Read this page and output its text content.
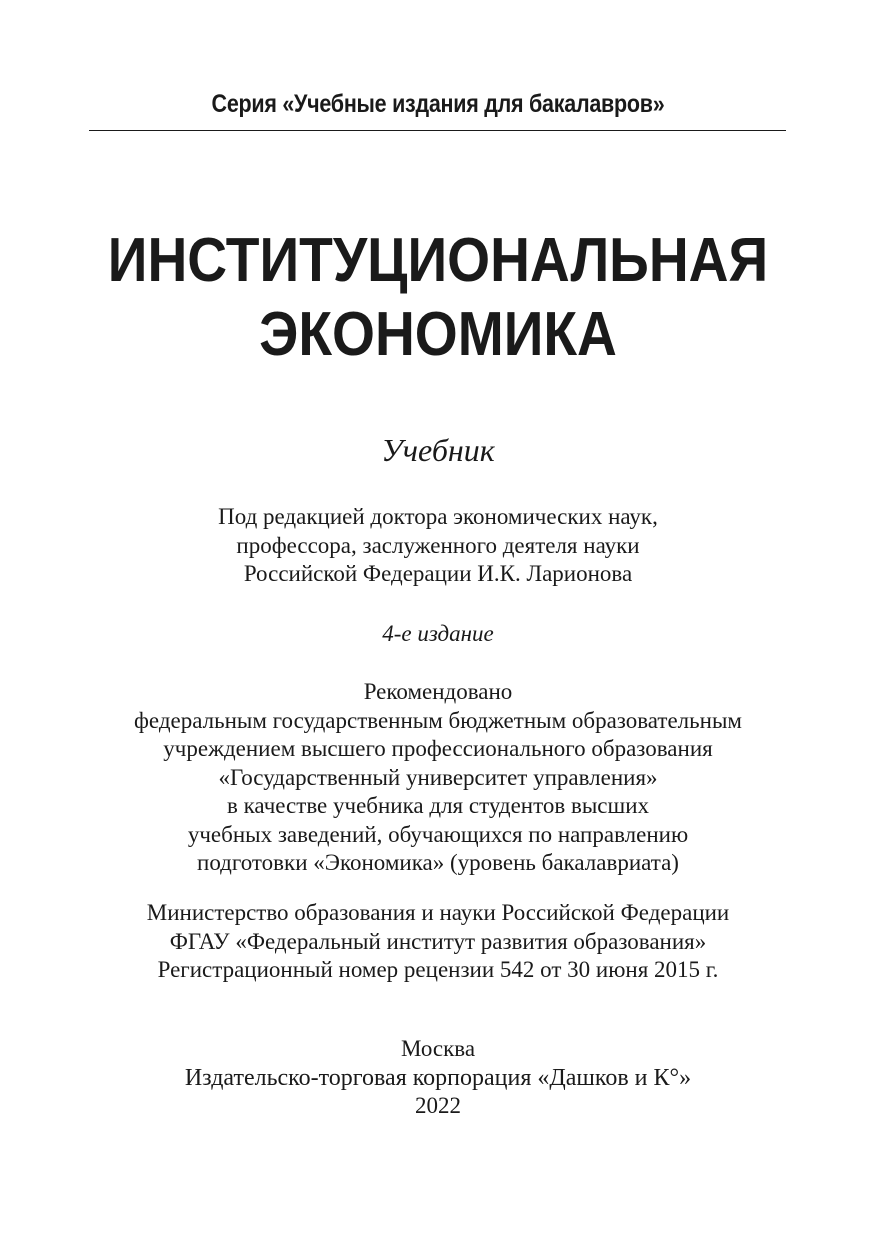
Серия «Учебные издания для бакалавров»
ИНСТИТУЦИОНАЛЬНАЯ
ЭКОНОМИКА
Учебник
Под редакцией доктора экономических наук,
профессора, заслуженного деятеля науки
Российской Федерации И.К. Ларионова
4-е издание
Рекомендовано
федеральным государственным бюджетным образовательным
учреждением высшего профессионального образования
«Государственный университет управления»
в качестве учебника для студентов высших
учебных заведений, обучающихся по направлению
подготовки «Экономика» (уровень бакалавриата)
Министерство образования и науки Российской Федерации
ФГАУ «Федеральный институт развития образования»
Регистрационный номер рецензии 542 от 30 июня 2015 г.
Москва
Издательско-торговая корпорация «Дашков и К°»
2022
